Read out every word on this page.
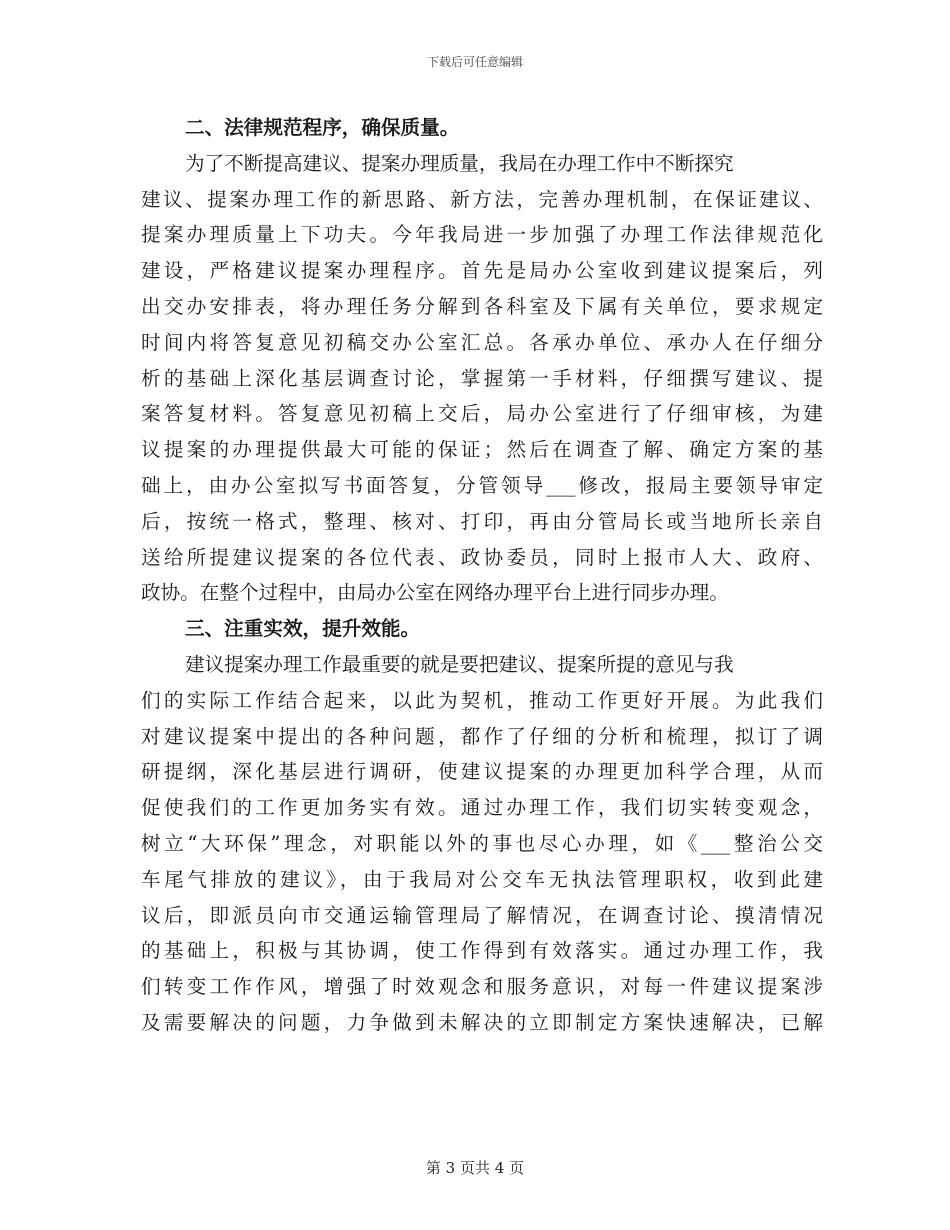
下载后可任意编辑
二、法律规范程序，确保质量。
为了不断提高建议、提案办理质量，我局在办理工作中不断探究
建议、提案办理工作的新思路、新方法，完善办理机制，在保证建议、
提案办理质量上下功夫。今年我局进一步加强了办理工作法律规范化
建设，严格建议提案办理程序。首先是局办公室收到建议提案后，列
出交办安排表，将办理任务分解到各科室及下属有关单位，要求规定
时间内将答复意见初稿交办公室汇总。各承办单位、承办人在仔细分
析的基础上深化基层调查讨论，掌握第一手材料，仔细撰写建议、提
案答复材料。答复意见初稿上交后，局办公室进行了仔细审核，为建
议提案的办理提供最大可能的保证；然后在调查了解、确定方案的基
础上，由办公室拟写书面答复，分管领导___修改，报局主要领导审定
后，按统一格式，整理、核对、打印，再由分管局长或当地所长亲自
送给所提建议提案的各位代表、政协委员，同时上报市人大、政府、
政协。在整个过程中，由局办公室在网络办理平台上进行同步办理。
三、注重实效，提升效能。
建议提案办理工作最重要的就是要把建议、提案所提的意见与我
们的实际工作结合起来，以此为契机，推动工作更好开展。为此我们
对建议提案中提出的各种问题，都作了仔细的分析和梳理，拟订了调
研提纲，深化基层进行调研，使建议提案的办理更加科学合理，从而
促使我们的工作更加务实有效。通过办理工作，我们切实转变观念，
树立“大环保”理念，对职能以外的事也尽心办理，如《___整治公交
车尾气排放的建议》，由于我局对公交车无执法管理职权，收到此建
议后，即派员向市交通运输管理局了解情况，在调查讨论、摸清情况
的基础上，积极与其协调，使工作得到有效落实。通过办理工作，我
们转变工作作风，增强了时效观念和服务意识，对每一件建议提案涉
及需要解决的问题，力争做到未解决的立即制定方案快速解决，已解
第 3 页共 4 页
